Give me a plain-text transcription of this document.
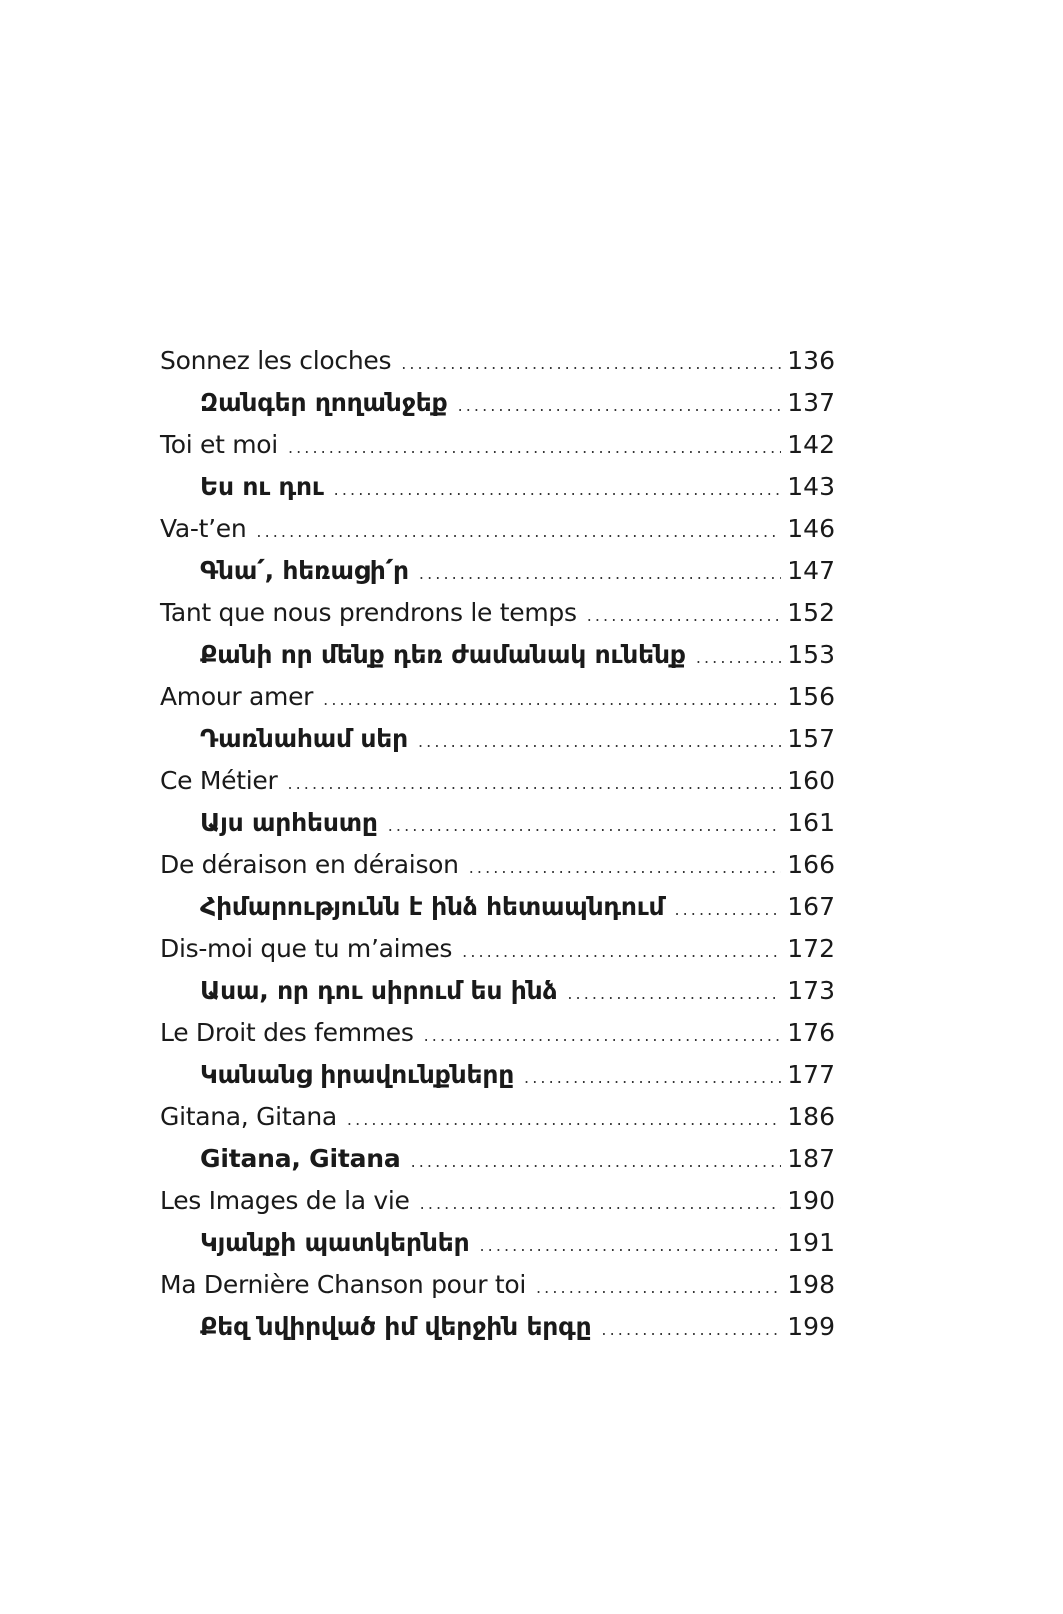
Sonnez les cloches . . .	136
Զանգեր ղողանջեք . . .	137
Toi et moi . . .	142
Ես ու դու . . .	143
Va-t’en . . .	146
Գնա՛, հեռացի՛ր . . .	147
Tant que nous prendrons le temps . . .	152
Քանի որ մենք դեռ ժամանակ ունենք . . .	153
Amour amer . . .	156
Դառնահամ սեր . . .	157
Ce Métier . . .	160
Այս արհեստը . . .	161
De déraison en déraison . . .	166
Հիմարությունն է ինձ հետապնդում . . .	167
Dis-moi que tu m’aimes . . .	172
Ասա, որ դու սիրում ես ինձ . . .	173
Le Droit des femmes . . .	176
Կանանց իրավունքները . . .	177
Gitana, Gitana . . .	186
Gitana, Gitana . . .	187
Les Images de la vie . . .	190
Կյանքի պատկերներ . . .	191
Ma Dernière Chanson pour toi . . .	198
Քեզ նվիրված իմ վերջին երգը . . .	199
